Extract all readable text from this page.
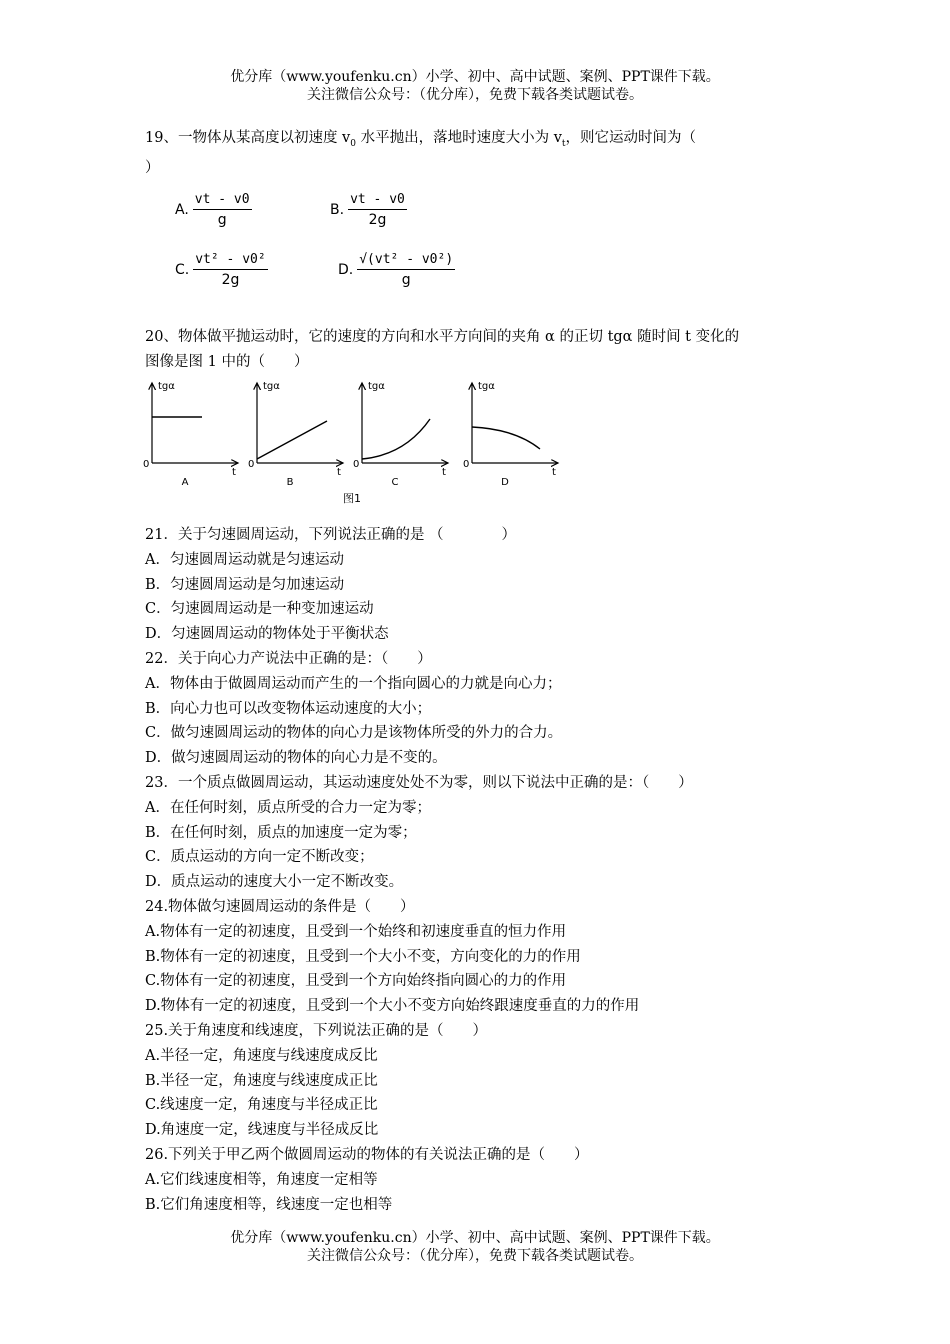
优分库（www.youfenku.cn）小学、初中、高中试题、案例、PPT课件下载。
关注微信公众号：（优分库），免费下载各类试题试卷。
19、一物体从某高度以初速度 $v_0$ 水平抛出，落地时速度大小为 $v_t$，则它运动时间为（
）
A. $\frac{vt - v0}{g}$	B. $\frac{vt - v0}{2g}$
C. $\frac{\text{vt² - v0²}}{2g}$	D. $\frac{\text{√(vt² - v0²)}}{g}$
20、物体做平抛运动时，它的速度的方向和水平方向间的夹角 α 的正切 tgα 随时间 t 变化的
图像是图 1 中的（　　）
tgα
t
0
A
tgα
t
0
B
tgα
t
0
C
tgα
t
0
D
图1
21．关于匀速圆周运动，下列说法正确的是 （　　　　）
A．匀速圆周运动就是匀速运动
B．匀速圆周运动是匀加速运动
C．匀速圆周运动是一种变加速运动
D．匀速圆周运动的物体处于平衡状态
22．关于向心力产说法中正确的是：（　　）
A．物体由于做圆周运动而产生的一个指向圆心的力就是向心力；
B．向心力也可以改变物体运动速度的大小；
C．做匀速圆周运动的物体的向心力是该物体所受的外力的合力。
D．做匀速圆周运动的物体的向心力是不变的。
23．一个质点做圆周运动，其运动速度处处不为零，则以下说法中正确的是：（　　）
A．在任何时刻，质点所受的合力一定为零；
B．在任何时刻，质点的加速度一定为零；
C．质点运动的方向一定不断改变；
D．质点运动的速度大小一定不断改变。
24.物体做匀速圆周运动的条件是（　　）
A.物体有一定的初速度，且受到一个始终和初速度垂直的恒力作用
B.物体有一定的初速度，且受到一个大小不变，方向变化的力的作用
C.物体有一定的初速度，且受到一个方向始终指向圆心的力的作用
D.物体有一定的初速度，且受到一个大小不变方向始终跟速度垂直的力的作用
25.关于角速度和线速度，下列说法正确的是（　　）
A.半径一定，角速度与线速度成反比
B.半径一定，角速度与线速度成正比
C.线速度一定，角速度与半径成正比
D.角速度一定，线速度与半径成反比
26.下列关于甲乙两个做圆周运动的物体的有关说法正确的是（　　）
A.它们线速度相等，角速度一定相等
B.它们角速度相等，线速度一定也相等
优分库（www.youfenku.cn）小学、初中、高中试题、案例、PPT课件下载。
关注微信公众号：（优分库），免费下载各类试题试卷。
